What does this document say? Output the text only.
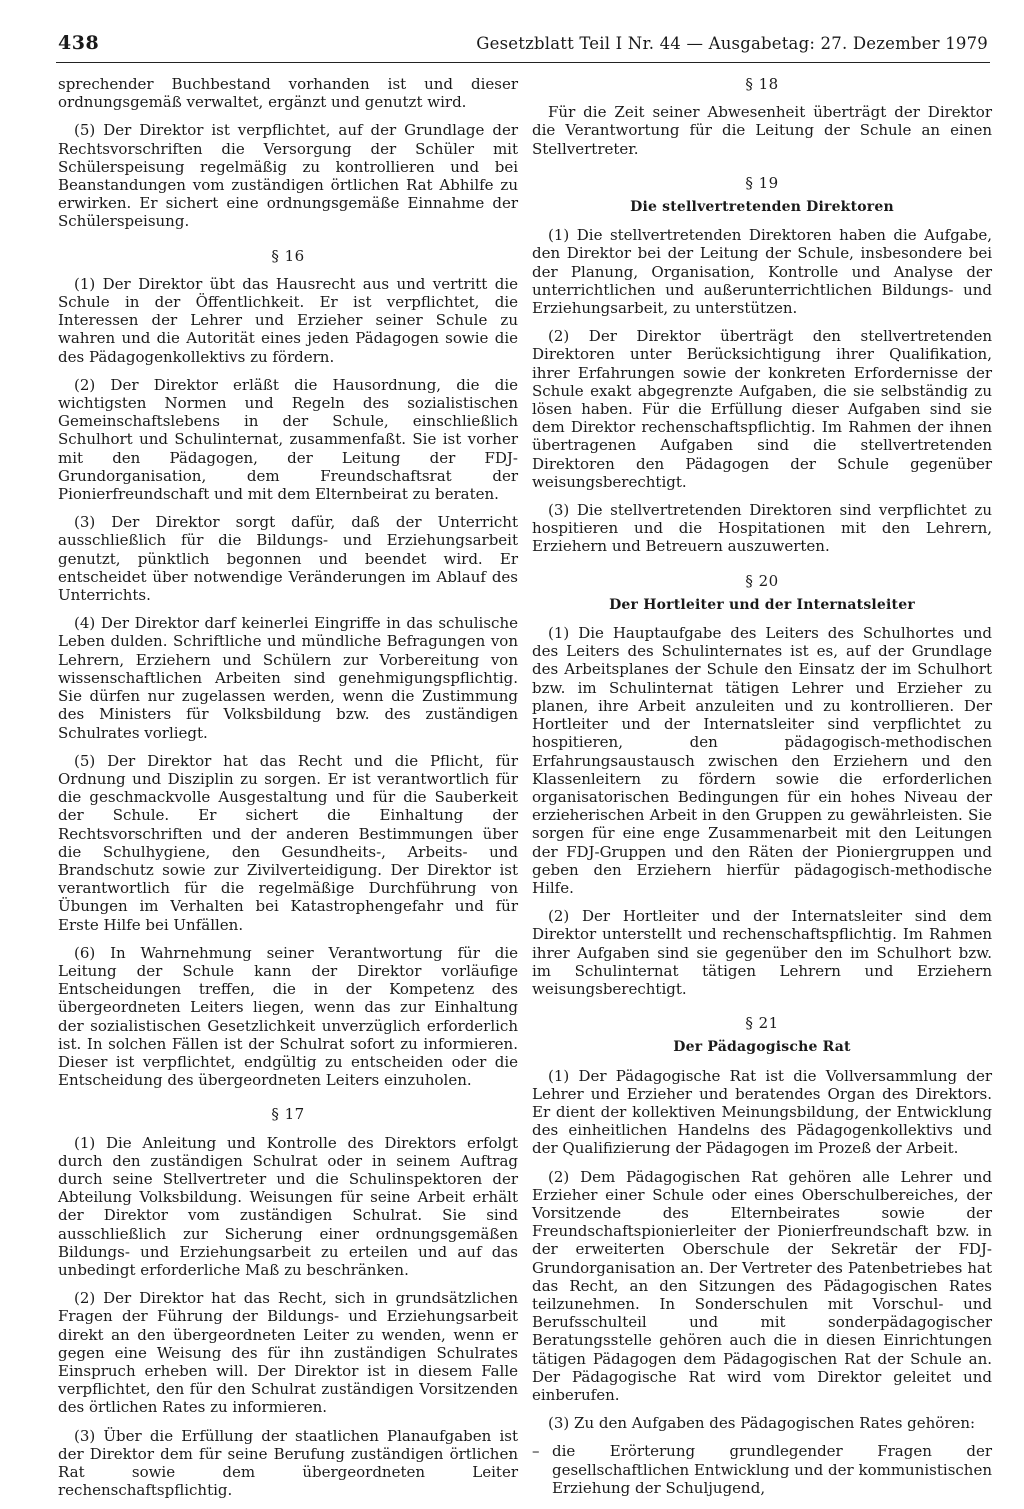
438	Gesetzblatt Teil I Nr. 44 — Ausgabetag: 27. Dezember 1979

sprechender Buchbestand vorhanden ist und dieser ordnungsgemäß verwaltet, ergänzt und genutzt wird.

(5) Der Direktor ist verpflichtet, auf der Grundlage der Rechtsvorschriften die Versorgung der Schüler mit Schülerspeisung regelmäßig zu kontrollieren und bei Beanstandungen vom zuständigen örtlichen Rat Abhilfe zu erwirken. Er sichert eine ordnungsgemäße Einnahme der Schülerspeisung.

§ 16

(1) Der Direktor übt das Hausrecht aus und vertritt die Schule in der Öffentlichkeit. Er ist verpflichtet, die Interessen der Lehrer und Erzieher seiner Schule zu wahren und die Autorität eines jeden Pädagogen sowie die des Pädagogenkollektivs zu fördern.

(2) Der Direktor erläßt die Hausordnung, die die wichtigsten Normen und Regeln des sozialistischen Gemeinschaftslebens in der Schule, einschließlich Schulhort und Schulinternat, zusammenfaßt. Sie ist vorher mit den Pädagogen, der Leitung der FDJ-Grundorganisation, dem Freundschaftsrat der Pionierfreundschaft und mit dem Elternbeirat zu beraten.

(3) Der Direktor sorgt dafür, daß der Unterricht ausschließlich für die Bildungs- und Erziehungsarbeit genutzt, pünktlich begonnen und beendet wird. Er entscheidet über notwendige Veränderungen im Ablauf des Unterrichts.

(4) Der Direktor darf keinerlei Eingriffe in das schulische Leben dulden. Schriftliche und mündliche Befragungen von Lehrern, Erziehern und Schülern zur Vorbereitung von wissenschaftlichen Arbeiten sind genehmigungspflichtig. Sie dürfen nur zugelassen werden, wenn die Zustimmung des Ministers für Volksbildung bzw. des zuständigen Schulrates vorliegt.

(5) Der Direktor hat das Recht und die Pflicht, für Ordnung und Disziplin zu sorgen. Er ist verantwortlich für die geschmackvolle Ausgestaltung und für die Sauberkeit der Schule. Er sichert die Einhaltung der Rechtsvorschriften und der anderen Bestimmungen über die Schulhygiene, den Gesundheits-, Arbeits- und Brandschutz sowie zur Zivilverteidigung. Der Direktor ist verantwortlich für die regelmäßige Durchführung von Übungen im Verhalten bei Katastrophengefahr und für Erste Hilfe bei Unfällen.

(6) In Wahrnehmung seiner Verantwortung für die Leitung der Schule kann der Direktor vorläufige Entscheidungen treffen, die in der Kompetenz des übergeordneten Leiters liegen, wenn das zur Einhaltung der sozialistischen Gesetzlichkeit unverzüglich erforderlich ist. In solchen Fällen ist der Schulrat sofort zu informieren. Dieser ist verpflichtet, endgültig zu entscheiden oder die Entscheidung des übergeordneten Leiters einzuholen.

§ 17

(1) Die Anleitung und Kontrolle des Direktors erfolgt durch den zuständigen Schulrat oder in seinem Auftrag durch seine Stellvertreter und die Schulinspektoren der Abteilung Volksbildung. Weisungen für seine Arbeit erhält der Direktor vom zuständigen Schulrat. Sie sind ausschließlich zur Sicherung einer ordnungsgemäßen Bildungs- und Erziehungsarbeit zu erteilen und auf das unbedingt erforderliche Maß zu beschränken.

(2) Der Direktor hat das Recht, sich in grundsätzlichen Fragen der Führung der Bildungs- und Erziehungsarbeit direkt an den übergeordneten Leiter zu wenden, wenn er gegen eine Weisung des für ihn zuständigen Schulrates Einspruch erheben will. Der Direktor ist in diesem Falle verpflichtet, den für den Schulrat zuständigen Vorsitzenden des örtlichen Rates zu informieren.

(3) Über die Erfüllung der staatlichen Planaufgaben ist der Direktor dem für seine Berufung zuständigen örtlichen Rat sowie dem übergeordneten Leiter rechenschaftspflichtig.

§ 18

Für die Zeit seiner Abwesenheit überträgt der Direktor die Verantwortung für die Leitung der Schule an einen Stellvertreter.

§ 19

Die stellvertretenden Direktoren

(1) Die stellvertretenden Direktoren haben die Aufgabe, den Direktor bei der Leitung der Schule, insbesondere bei der Planung, Organisation, Kontrolle und Analyse der unterrichtlichen und außerunterrichtlichen Bildungs- und Erziehungsarbeit, zu unterstützen.

(2) Der Direktor überträgt den stellvertretenden Direktoren unter Berücksichtigung ihrer Qualifikation, ihrer Erfahrungen sowie der konkreten Erfordernisse der Schule exakt abgegrenzte Aufgaben, die sie selbständig zu lösen haben. Für die Erfüllung dieser Aufgaben sind sie dem Direktor rechenschaftspflichtig. Im Rahmen der ihnen übertragenen Aufgaben sind die stellvertretenden Direktoren den Pädagogen der Schule gegenüber weisungsberechtigt.

(3) Die stellvertretenden Direktoren sind verpflichtet zu hospitieren und die Hospitationen mit den Lehrern, Erziehern und Betreuern auszuwerten.

§ 20

Der Hortleiter und der Internatsleiter

(1) Die Hauptaufgabe des Leiters des Schulhortes und des Leiters des Schulinternates ist es, auf der Grundlage des Arbeitsplanes der Schule den Einsatz der im Schulhort bzw. im Schulinternat tätigen Lehrer und Erzieher zu planen, ihre Arbeit anzuleiten und zu kontrollieren. Der Hortleiter und der Internatsleiter sind verpflichtet zu hospitieren, den pädagogisch-methodischen Erfahrungsaustausch zwischen den Erziehern und den Klassenleitern zu fördern sowie die erforderlichen organisatorischen Bedingungen für ein hohes Niveau der erzieherischen Arbeit in den Gruppen zu gewährleisten. Sie sorgen für eine enge Zusammenarbeit mit den Leitungen der FDJ-Gruppen und den Räten der Pioniergruppen und geben den Erziehern hierfür pädagogisch-methodische Hilfe.

(2) Der Hortleiter und der Internatsleiter sind dem Direktor unterstellt und rechenschaftspflichtig. Im Rahmen ihrer Aufgaben sind sie gegenüber den im Schulhort bzw. im Schulinternat tätigen Lehrern und Erziehern weisungsberechtigt.

§ 21

Der Pädagogische Rat

(1) Der Pädagogische Rat ist die Vollversammlung der Lehrer und Erzieher und beratendes Organ des Direktors. Er dient der kollektiven Meinungsbildung, der Entwicklung des einheitlichen Handelns des Pädagogenkollektivs und der Qualifizierung der Pädagogen im Prozeß der Arbeit.

(2) Dem Pädagogischen Rat gehören alle Lehrer und Erzieher einer Schule oder eines Oberschulbereiches, der Vorsitzende des Elternbeirates sowie der Freundschaftspionierleiter der Pionierfreundschaft bzw. in der erweiterten Oberschule der Sekretär der FDJ-Grundorganisation an. Der Vertreter des Patenbetriebes hat das Recht, an den Sitzungen des Pädagogischen Rates teilzunehmen. In Sonderschulen mit Vorschul- und Berufsschulteil und mit sonderpädagogischer Beratungsstelle gehören auch die in diesen Einrichtungen tätigen Pädagogen dem Pädagogischen Rat der Schule an. Der Pädagogische Rat wird vom Direktor geleitet und einberufen.

(3) Zu den Aufgaben des Pädagogischen Rates gehören:

– die Erörterung grundlegender Fragen der gesellschaftlichen Entwicklung und der kommunistischen Erziehung der Schuljugend,
